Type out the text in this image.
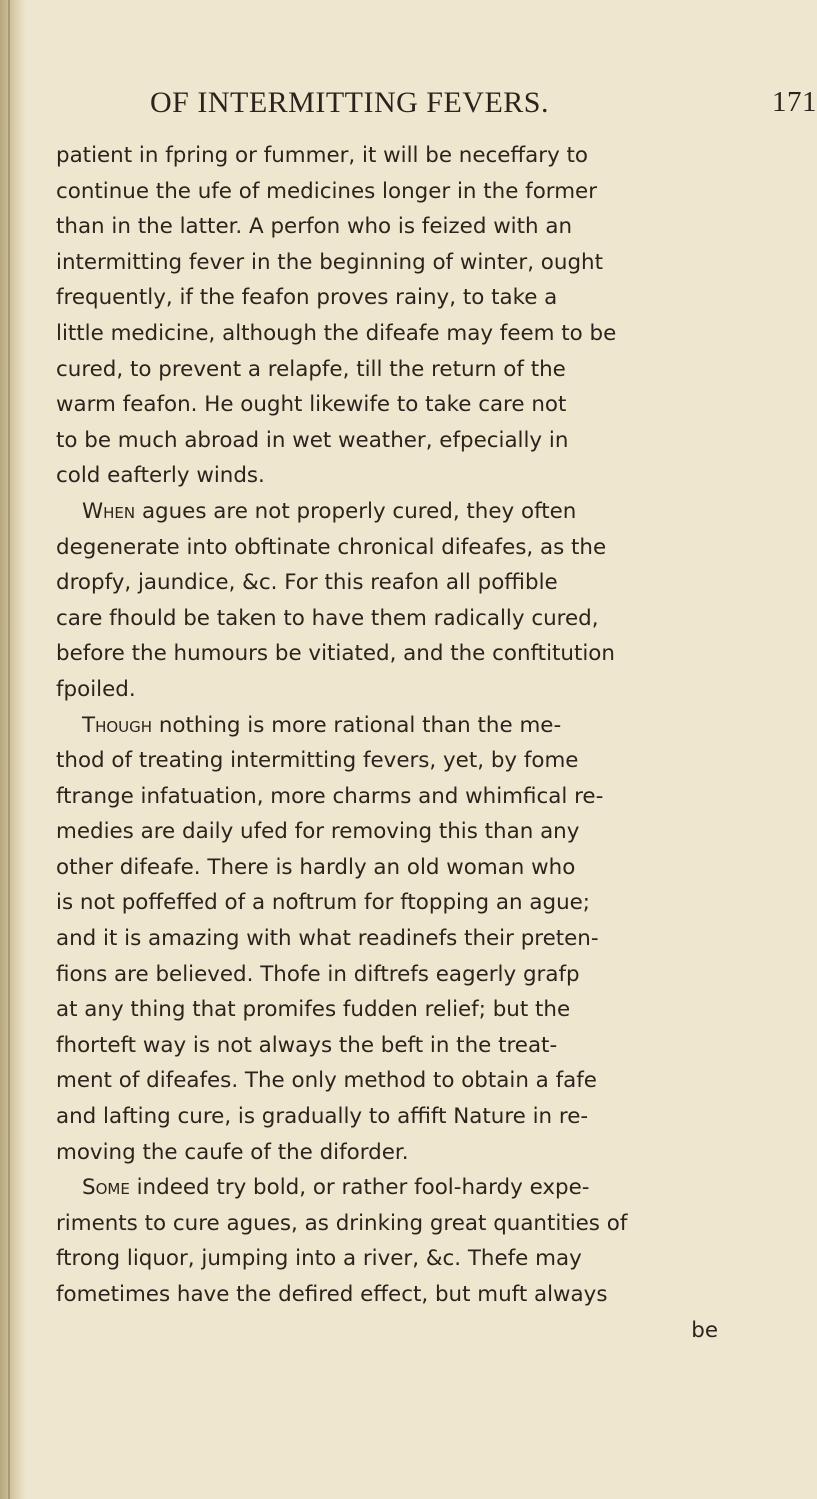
OF INTERMITTING FEVERS.	171
patient in fpring or fummer, it will be neceffary to
continue the ufe of medicines longer in the former
than in the latter. A perfon who is feized with an
intermitting fever in the beginning of winter, ought
frequently, if the feafon proves rainy, to take a
little medicine, although the difeafe may feem to be
cured, to prevent a relapfe, till the return of the
warm feafon. He ought likewife to take care not
to be much abroad in wet weather, efpecially in
cold eafterly winds.
When agues are not properly cured, they often
degenerate into obftinate chronical difeafes, as the
dropfy, jaundice, &c. For this reafon all poffible
care fhould be taken to have them radically cured,
before the humours be vitiated, and the conftitution
fpoiled.
Though nothing is more rational than the me-
thod of treating intermitting fevers, yet, by fome
ftrange infatuation, more charms and whimfical re-
medies are daily ufed for removing this than any
other difeafe. There is hardly an old woman who
is not poffeffed of a noftrum for ftopping an ague;
and it is amazing with what readinefs their preten-
fions are believed. Thofe in diftrefs eagerly grafp
at any thing that promifes fudden relief; but the
fhorteft way is not always the beft in the treat-
ment of difeafes. The only method to obtain a fafe
and lafting cure, is gradually to affift Nature in re-
moving the caufe of the diforder.
Some indeed try bold, or rather fool-hardy expe-
riments to cure agues, as drinking great quantities of
ftrong liquor, jumping into a river, &c. Thefe may
fometimes have the defired effect, but muft always
be
